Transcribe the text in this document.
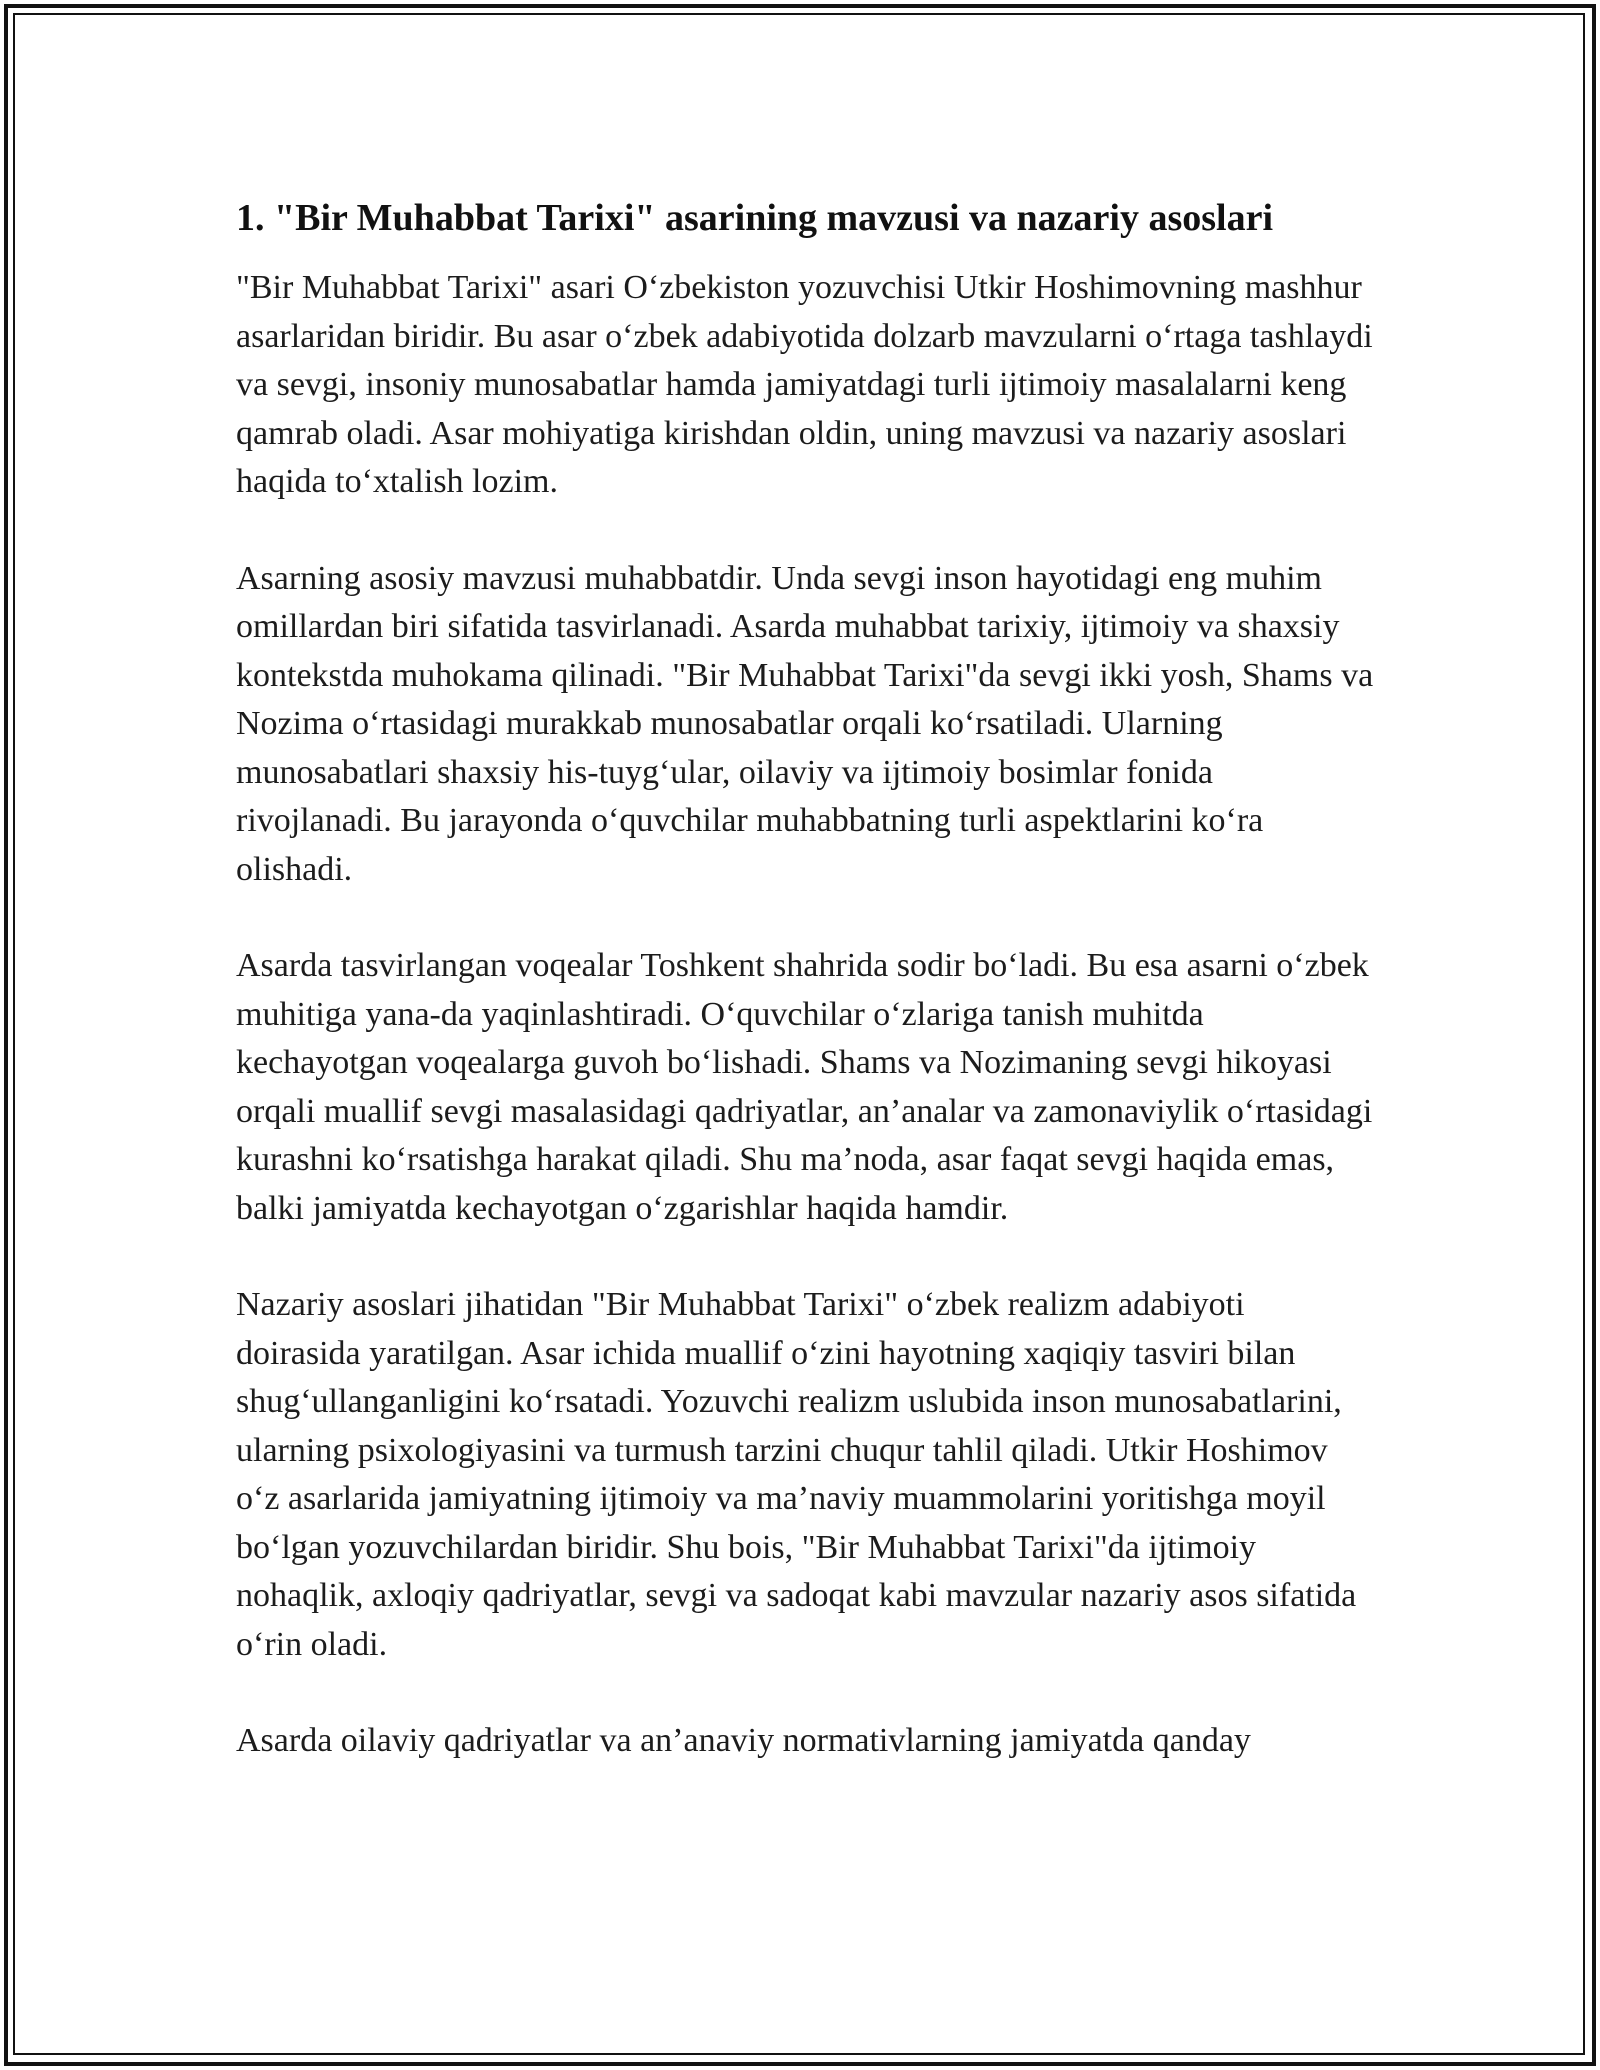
1. "Bir Muhabbat Tarixi" asarining mavzusi va nazariy asoslari

"Bir Muhabbat Tarixi" asari O‘zbekiston yozuvchisi Utkir Hoshimovning mashhur asarlaridan biridir. Bu asar o‘zbek adabiyotida dolzarb mavzularni o‘rtaga tashlaydi va sevgi, insoniy munosabatlar hamda jamiyatdagi turli ijtimoiy masalalarni keng qamrab oladi. Asar mohiyatiga kirishdan oldin, uning mavzusi va nazariy asoslari haqida to‘xtalish lozim.

Asarning asosiy mavzusi muhabbatdir. Unda sevgi inson hayotidagi eng muhim omillardan biri sifatida tasvirlanadi. Asarda muhabbat tarixiy, ijtimoiy va shaxsiy kontekstda muhokama qilinadi. "Bir Muhabbat Tarixi"da sevgi ikki yosh, Shams va Nozima o‘rtasidagi murakkab munosabatlar orqali ko‘rsatiladi. Ularning munosabatlari shaxsiy his-tuyg‘ular, oilaviy va ijtimoiy bosimlar fonida rivojlanadi. Bu jarayonda o‘quvchilar muhabbatning turli aspektlarini ko‘ra olishadi.

Asarda tasvirlangan voqealar Toshkent shahrida sodir bo‘ladi. Bu esa asarni o‘zbek muhitiga yana-da yaqinlashtiradi. O‘quvchilar o‘zlariga tanish muhitda kechayotgan voqealarga guvoh bo‘lishadi. Shams va Nozimaning sevgi hikoyasi orqali muallif sevgi masalasidagi qadriyatlar, an’analar va zamonaviylik o‘rtasidagi kurashni ko‘rsatishga harakat qiladi. Shu ma’noda, asar faqat sevgi haqida emas, balki jamiyatda kechayotgan o‘zgarishlar haqida hamdir.

Nazariy asoslari jihatidan "Bir Muhabbat Tarixi" o‘zbek realizm adabiyoti doirasida yaratilgan. Asar ichida muallif o‘zini hayotning xaqiqiy tasviri bilan shug‘ullanganligini ko‘rsatadi. Yozuvchi realizm uslubida inson munosabatlarini, ularning psixologiyasini va turmush tarzini chuqur tahlil qiladi. Utkir Hoshimov o‘z asarlarida jamiyatning ijtimoiy va ma’naviy muammolarini yoritishga moyil bo‘lgan yozuvchilardan biridir. Shu bois, "Bir Muhabbat Tarixi"da ijtimoiy nohaqlik, axloqiy qadriyatlar, sevgi va sadoqat kabi mavzular nazariy asos sifatida o‘rin oladi.

Asarda oilaviy qadriyatlar va an’anaviy normativlarning jamiyatda qanday
